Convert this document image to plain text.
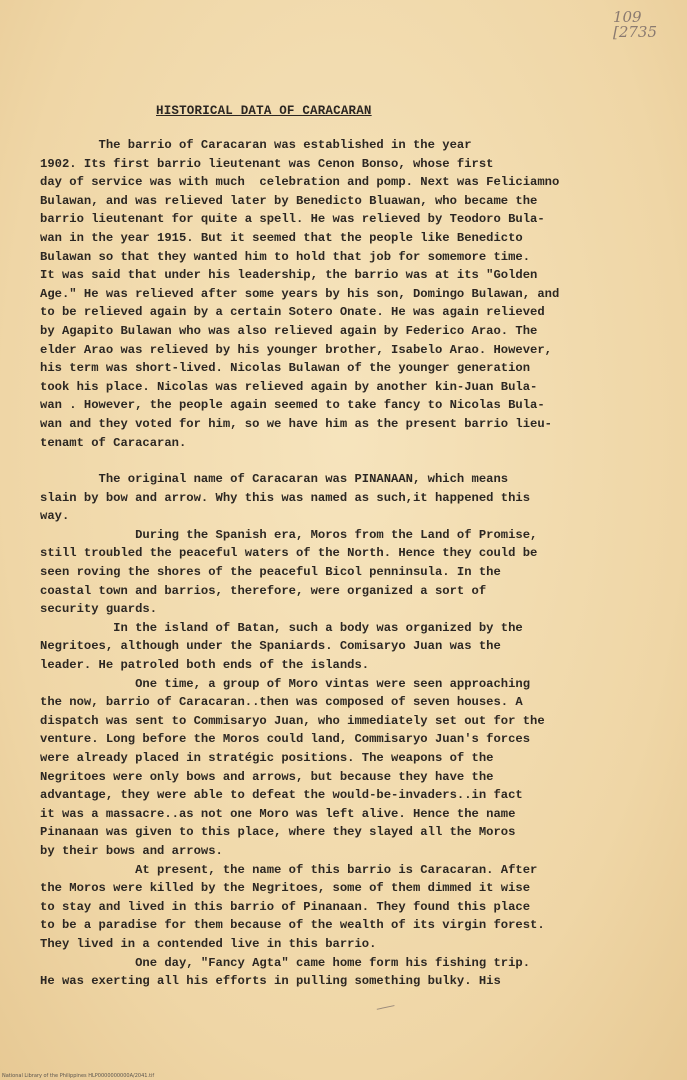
109
[2735
HISTORICAL DATA OF CARACARAN
The barrio of Caracaran was established in the year
1902. Its first barrio lieutenant was Cenon Bonso, whose first
day of service was with much  celebration and pomp. Next was Feliciamno
Bulawan, and was relieved later by Benedicto Bluawan, who became the
barrio lieutenant for quite a spell. He was relieved by Teodoro Bula-
wan in the year 1915. But it seemed that the people like Benedicto
Bulawan so that they wanted him to hold that job for somemore time.
It was said that under his leadership, the barrio was at its "Golden
Age." He was relieved after some years by his son, Domingo Bulawan, and
to be relieved again by a certain Sotero Onate. He was again relieved
by Agapito Bulawan who was also relieved again by Federico Arao. The
elder Arao was relieved by his younger brother, Isabelo Arao. However,
his term was short-lived. Nicolas Bulawan of the younger generation
took his place. Nicolas was relieved again by another kin-Juan Bula-
wan . However, the people again seemed to take fancy to Nicolas Bula-
wan and they voted for him, so we have him as the present barrio lieu-
tenamt of Caracaran.
The original name of Caracaran was PINANAAN, which means
slain by bow and arrow. Why this was named as such,it happened this
way.
During the Spanish era, Moros from the Land of Promise,
still troubled the peaceful waters of the North. Hence they could be
seen roving the shores of the peaceful Bicol penninsula. In the
coastal town and barrios, therefore, were organized a sort of
security guards.
In the island of Batan, such a body was organized by the
Negritoes, although under the Spaniards. Comisaryo Juan was the
leader. He patroled both ends of the islands.
One time, a group of Moro vintas were seen approaching
the now, barrio of Caracaran..then was composed of seven houses. A
dispatch was sent to Commisaryo Juan, who immediately set out for the
venture. Long before the Moros could land, Commisaryo Juan's forces
were already placed in stratégic positions. The weapons of the
Negritoes were only bows and arrows, but because they have the
advantage, they were able to defeat the would-be-invaders..in fact
it was a massacre..as not one Moro was left alive. Hence the name
Pinanaan was given to this place, where they slayed all the Moros
by their bows and arrows.
At present, the name of this barrio is Caracaran. After
the Moros were killed by the Negritoes, some of them dimmed it wise
to stay and lived in this barrio of Pinanaan. They found this place
to be a paradise for them because of the wealth of its virgin forest.
They lived in a contended live in this barrio.
One day, "Fancy Agta" came home form his fishing trip.
He was exerting all his efforts in pulling something bulky. His
National Library of the Philippines HLP0000000000A/2041.tif
